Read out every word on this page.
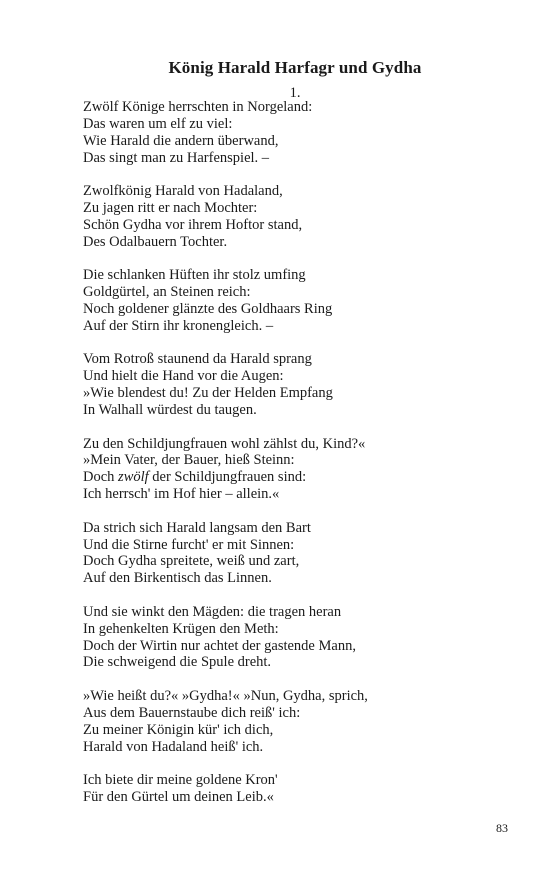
König Harald Harfagr und Gydha
1.
Zwölf Könige herrschten in Norgeland:
Das waren um elf zu viel:
Wie Harald die andern überwand,
Das singt man zu Harfenspiel. –
Zwolfkönig Harald von Hadaland,
Zu jagen ritt er nach Mochter:
Schön Gydha vor ihrem Hoftor stand,
Des Odalbauern Tochter.
Die schlanken Hüften ihr stolz umfing
Goldgürtel, an Steinen reich:
Noch goldener glänzte des Goldhaars Ring
Auf der Stirn ihr kronengleich. –
Vom Rotroß staunend da Harald sprang
Und hielt die Hand vor die Augen:
»Wie blendest du! Zu der Helden Empfang
In Walhall würdest du taugen.
Zu den Schildjungfrauen wohl zählst du, Kind?«
»Mein Vater, der Bauer, hieß Steinn:
Doch zwölf der Schildjungfrauen sind:
Ich herrsch' im Hof hier – allein.«
Da strich sich Harald langsam den Bart
Und die Stirne furcht' er mit Sinnen:
Doch Gydha spreitete, weiß und zart,
Auf den Birkentisch das Linnen.
Und sie winkt den Mägden: die tragen heran
In gehenkelten Krügen den Meth:
Doch der Wirtin nur achtet der gastende Mann,
Die schweigend die Spule dreht.
»Wie heißt du?« »Gydha!« »Nun, Gydha, sprich,
Aus dem Bauernstaube dich reiß' ich:
Zu meiner Königin kür' ich dich,
Harald von Hadaland heiß' ich.
Ich biete dir meine goldene Kron'
Für den Gürtel um deinen Leib.«
83
